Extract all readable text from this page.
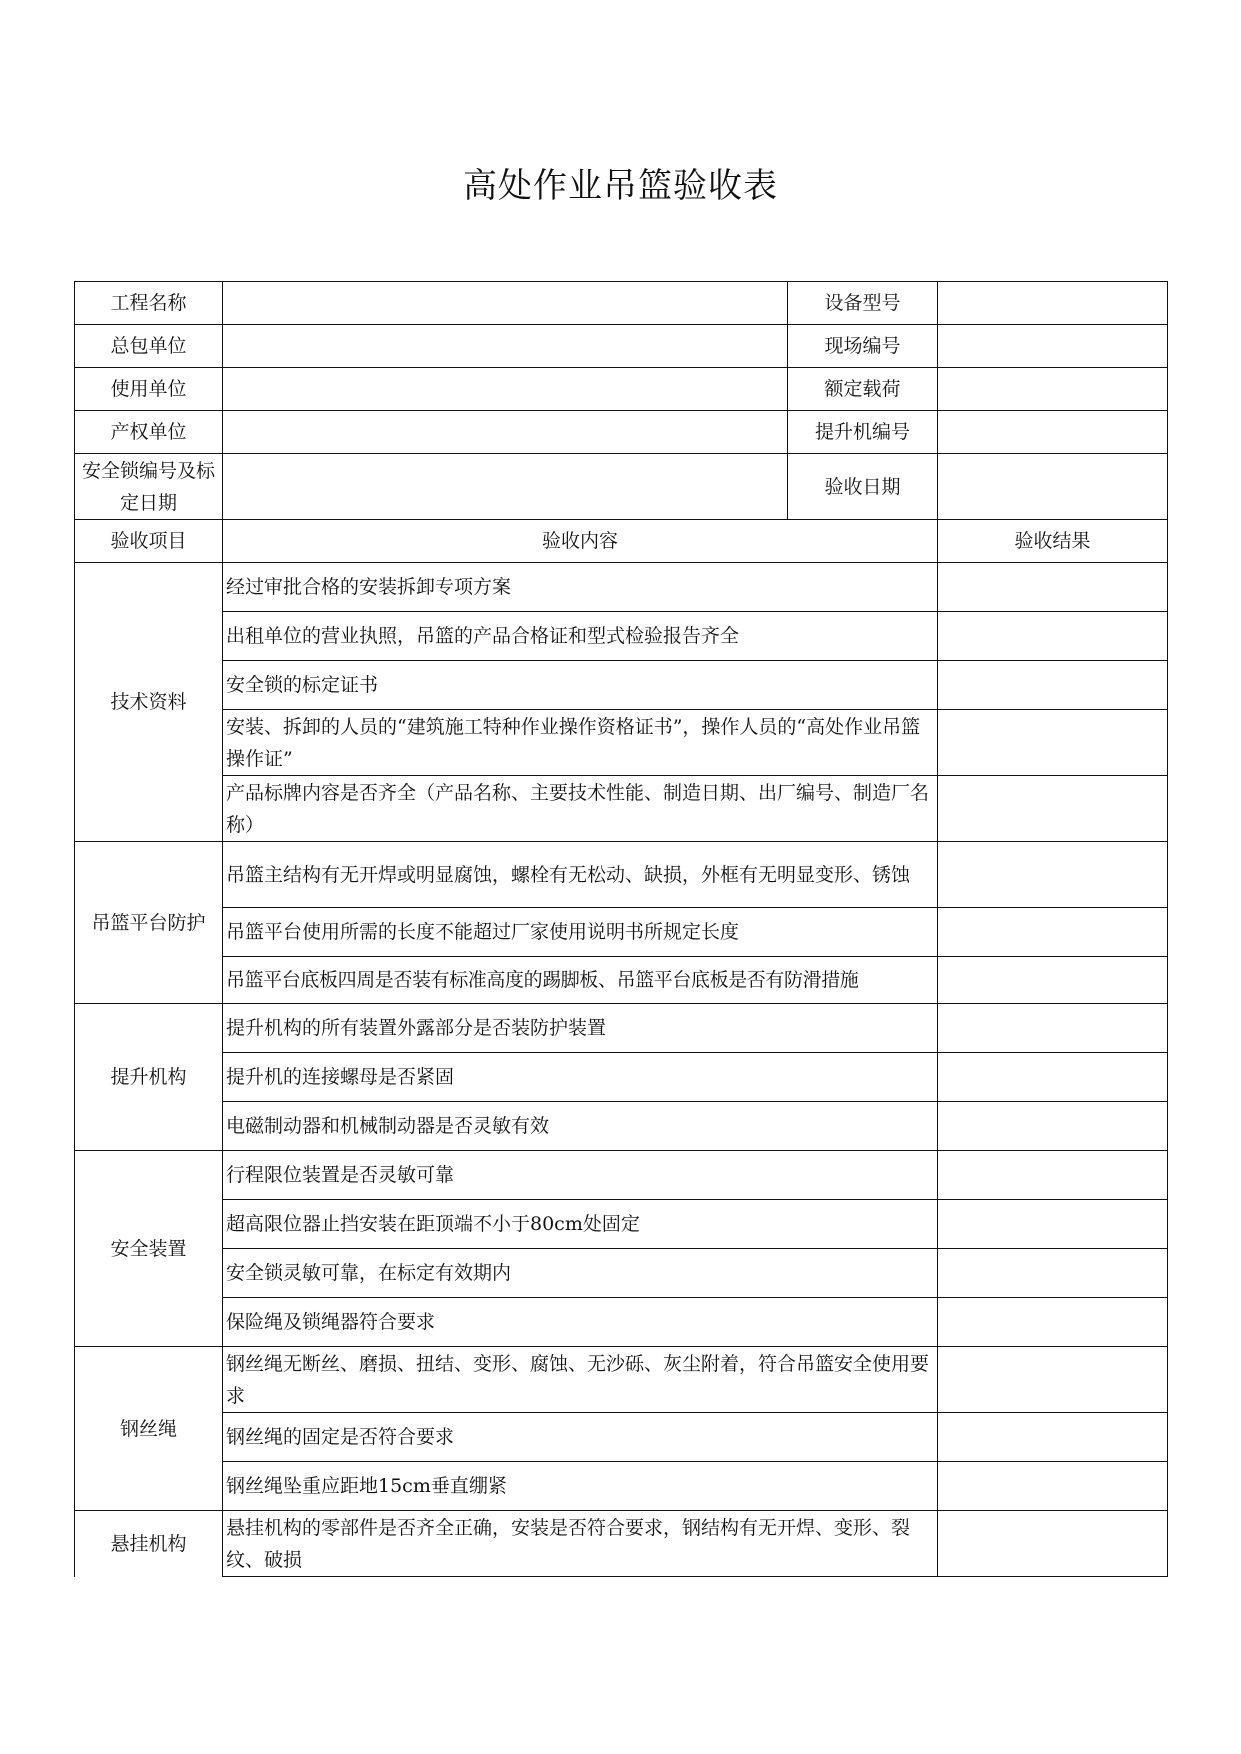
高处作业吊篮验收表
工程名称		设备型号	
总包单位		现场编号	
使用单位		额定载荷	
产权单位		提升机编号	
安全锁编号及标定日期		验收日期	
验收项目	验收内容		验收结果
技术资料	经过审批合格的安装拆卸专项方案		
	出租单位的营业执照，吊篮的产品合格证和型式检验报告齐全		
	安全锁的标定证书		
	安装、拆卸的人员的“建筑施工特种作业操作资格证书”，操作人员的“高处作业吊篮操作证”		
	产品标牌内容是否齐全（产品名称、主要技术性能、制造日期、出厂编号、制造厂名称）		
吊篮平台防护	吊篮主结构有无开焊或明显腐蚀，螺栓有无松动、缺损，外框有无明显变形、锈蚀		
	吊篮平台使用所需的长度不能超过厂家使用说明书所规定长度		
	吊篮平台底板四周是否装有标准高度的踢脚板、吊篮平台底板是否有防滑措施		
提升机构	提升机构的所有装置外露部分是否装防护装置		
	提升机的连接螺母是否紧固		
	电磁制动器和机械制动器是否灵敏有效		
安全装置	行程限位装置是否灵敏可靠		
	超高限位器止挡安装在距顶端不小于80cm处固定		
	安全锁灵敏可靠，在标定有效期内		
	保险绳及锁绳器符合要求		
钢丝绳	钢丝绳无断丝、磨损、扭结、变形、腐蚀、无沙砾、灰尘附着，符合吊篮安全使用要求		
	钢丝绳的固定是否符合要求		
	钢丝绳坠重应距地15cm垂直绷紧		
悬挂机构	悬挂机构的零部件是否齐全正确，安装是否符合要求，钢结构有无开焊、变形、裂纹、破损		
